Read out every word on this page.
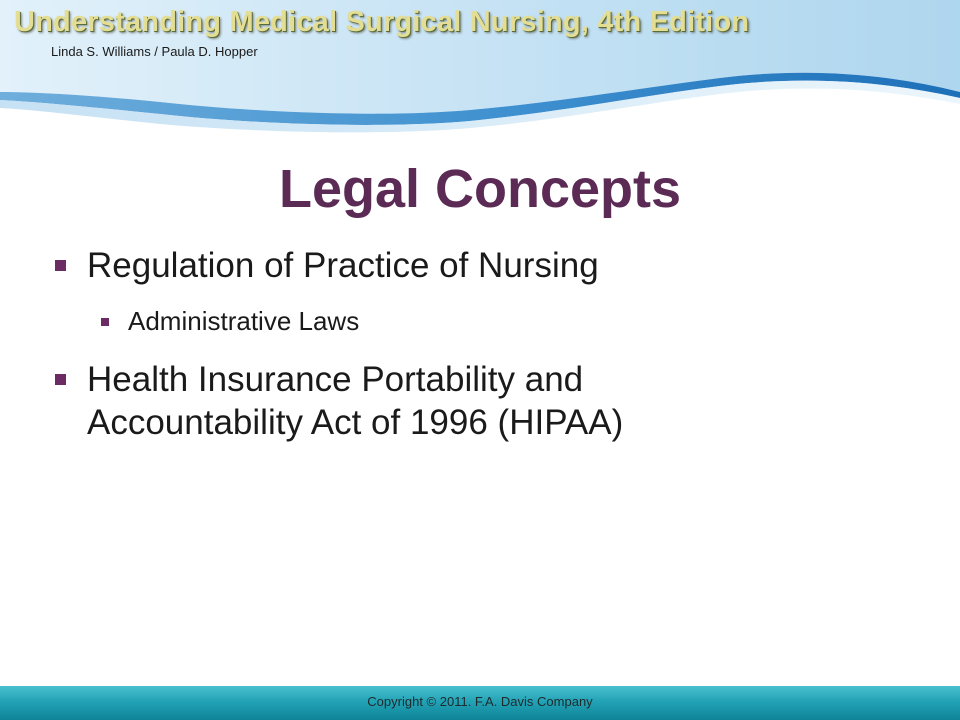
Understanding Medical Surgical Nursing, 4th Edition
Linda S. Williams / Paula D. Hopper
Legal Concepts
Regulation of Practice of Nursing
Administrative Laws
Health Insurance Portability and
Accountability Act of 1996 (HIPAA)
Copyright © 2011. F.A. Davis Company
